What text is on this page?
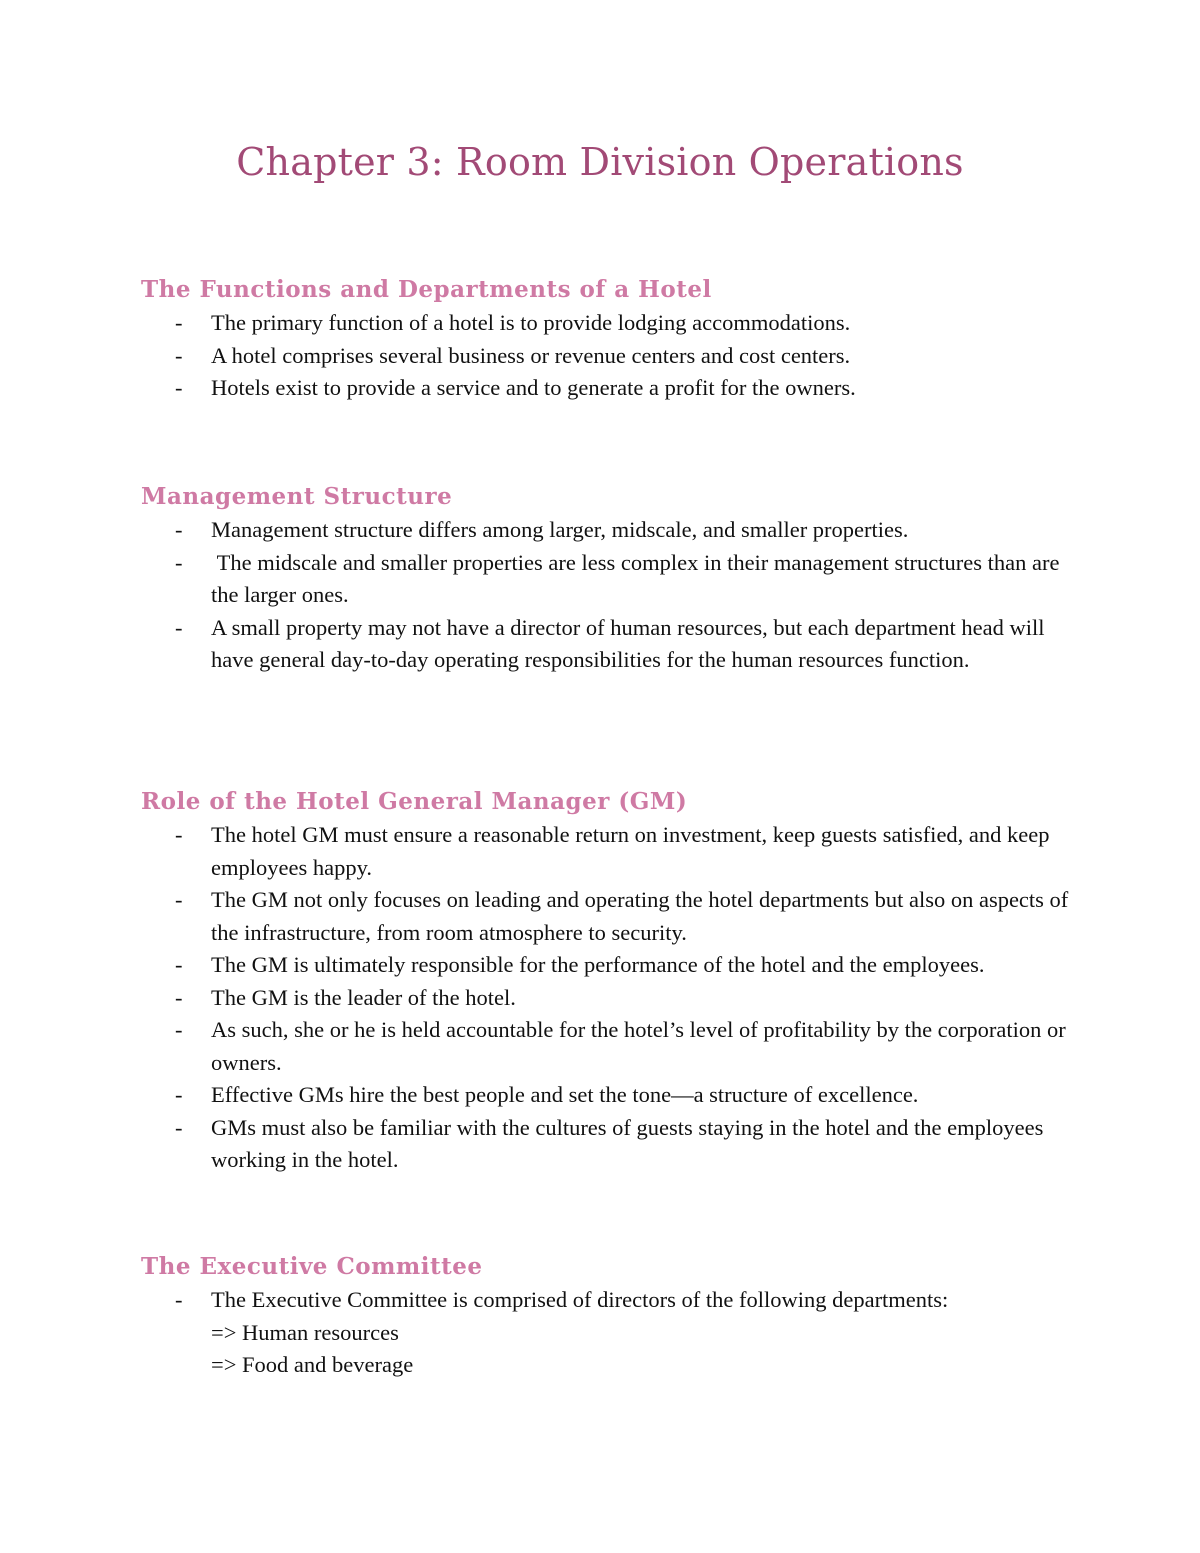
Chapter 3: Room Division Operations
The Functions and Departments of a Hotel
- The primary function of a hotel is to provide lodging accommodations.
- A hotel comprises several business or revenue centers and cost centers.
- Hotels exist to provide a service and to generate a profit for the owners.
Management Structure
- Management structure differs among larger, midscale, and smaller properties.
- The midscale and smaller properties are less complex in their management structures than are the larger ones.
- A small property may not have a director of human resources, but each department head will have general day-to-day operating responsibilities for the human resources function.
Role of the Hotel General Manager (GM)
- The hotel GM must ensure a reasonable return on investment, keep guests satisfied, and keep employees happy.
- The GM not only focuses on leading and operating the hotel departments but also on aspects of the infrastructure, from room atmosphere to security.
- The GM is ultimately responsible for the performance of the hotel and the employees.
- The GM is the leader of the hotel.
- As such, she or he is held accountable for the hotel’s level of profitability by the corporation or owners.
- Effective GMs hire the best people and set the tone—a structure of excellence.
- GMs must also be familiar with the cultures of guests staying in the hotel and the employees working in the hotel.
The Executive Committee
- The Executive Committee is comprised of directors of the following departments:
=> Human resources
=> Food and beverage
